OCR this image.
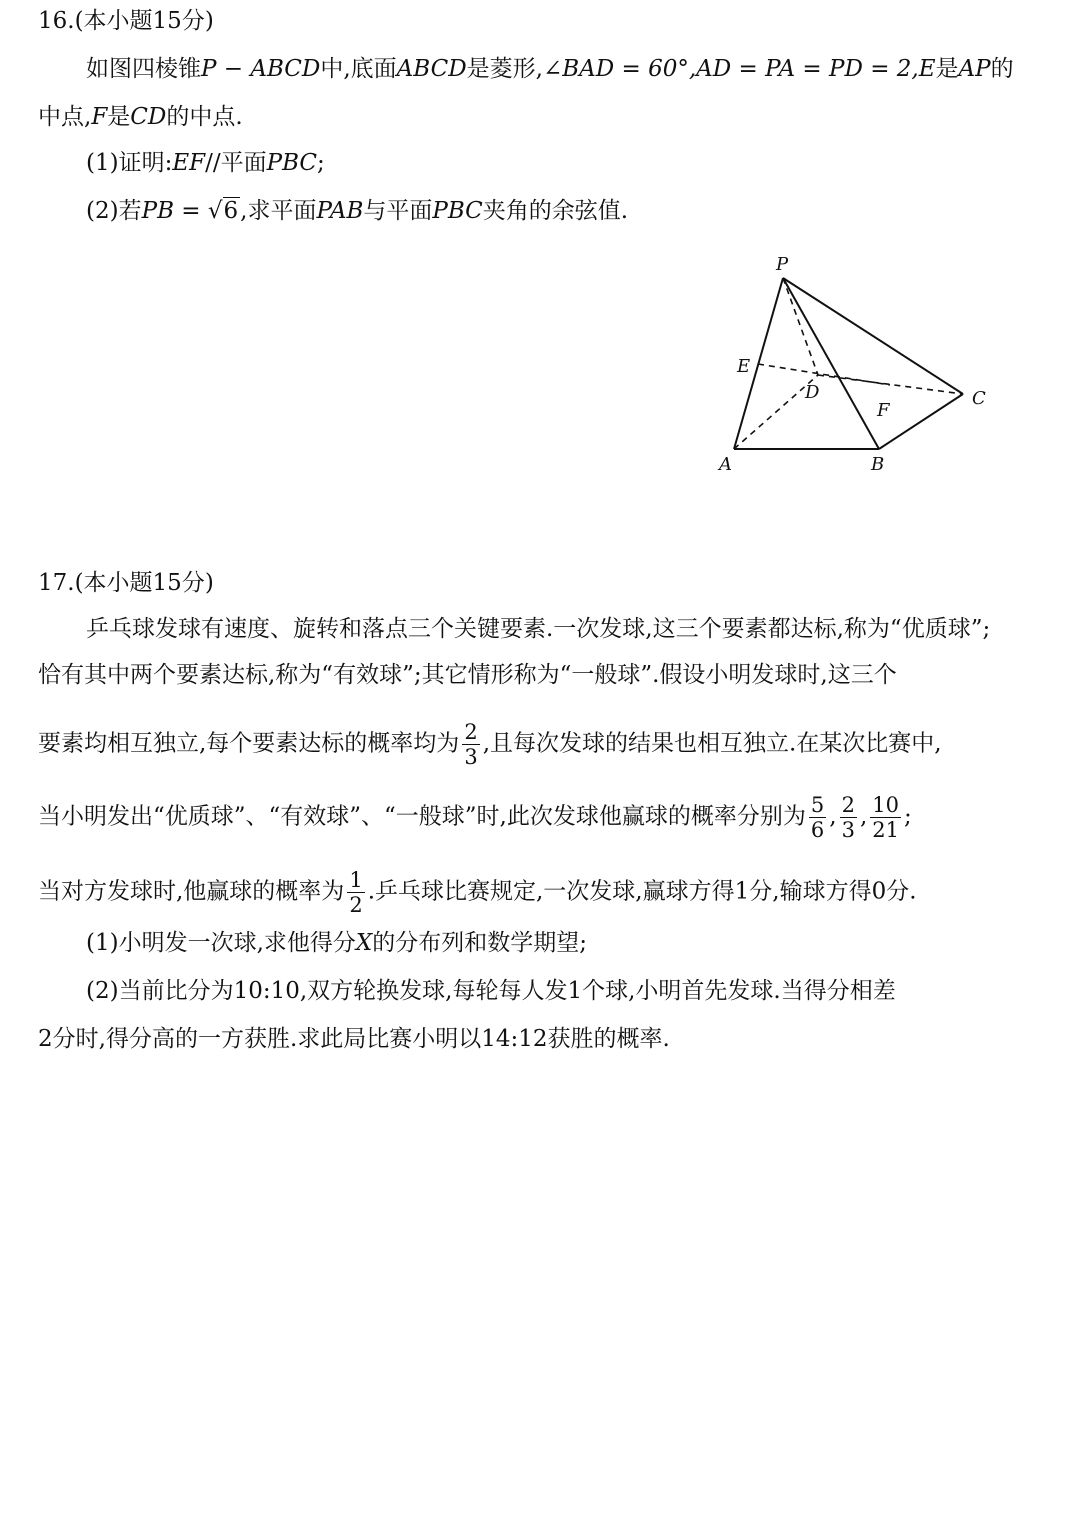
16.(本小题15分)
如图四棱锥P − ABCD中,底面ABCD是菱形,∠BAD = 60°,AD = PA = PD = 2,E是AP的
中点,F是CD的中点.
(1)证明:EF//平面PBC;
(2)若PB = √6,求平面PAB与平面PBC夹角的余弦值.
P
E
D
F
C
A	B
17.(本小题15分)
乒乓球发球有速度、旋转和落点三个关键要素.一次发球,这三个要素都达标,称为“优质球”;
恰有其中两个要素达标,称为“有效球”;其它情形称为“一般球”.假设小明发球时,这三个
要素均相互独立,每个要素达标的概率均为 $\frac{2}{3}$ ,且每次发球的结果也相互独立.在某次比赛中,
当小明发出“优质球”、“有效球”、“一般球”时,此次发球他赢球的概率分别为 $\frac{5}{6}$ , $\frac{2}{3}$ , $\frac{10}{21}$ ;
当对方发球时,他赢球的概率为 $\frac{1}{2}$ .乒乓球比赛规定,一次发球,赢球方得1分,输球方得0分.
(1)小明发一次球,求他得分X的分布列和数学期望;
(2)当前比分为10:10,双方轮换发球,每轮每人发1个球,小明首先发球.当得分相差
2分时,得分高的一方获胜.求此局比赛小明以14:12获胜的概率.
